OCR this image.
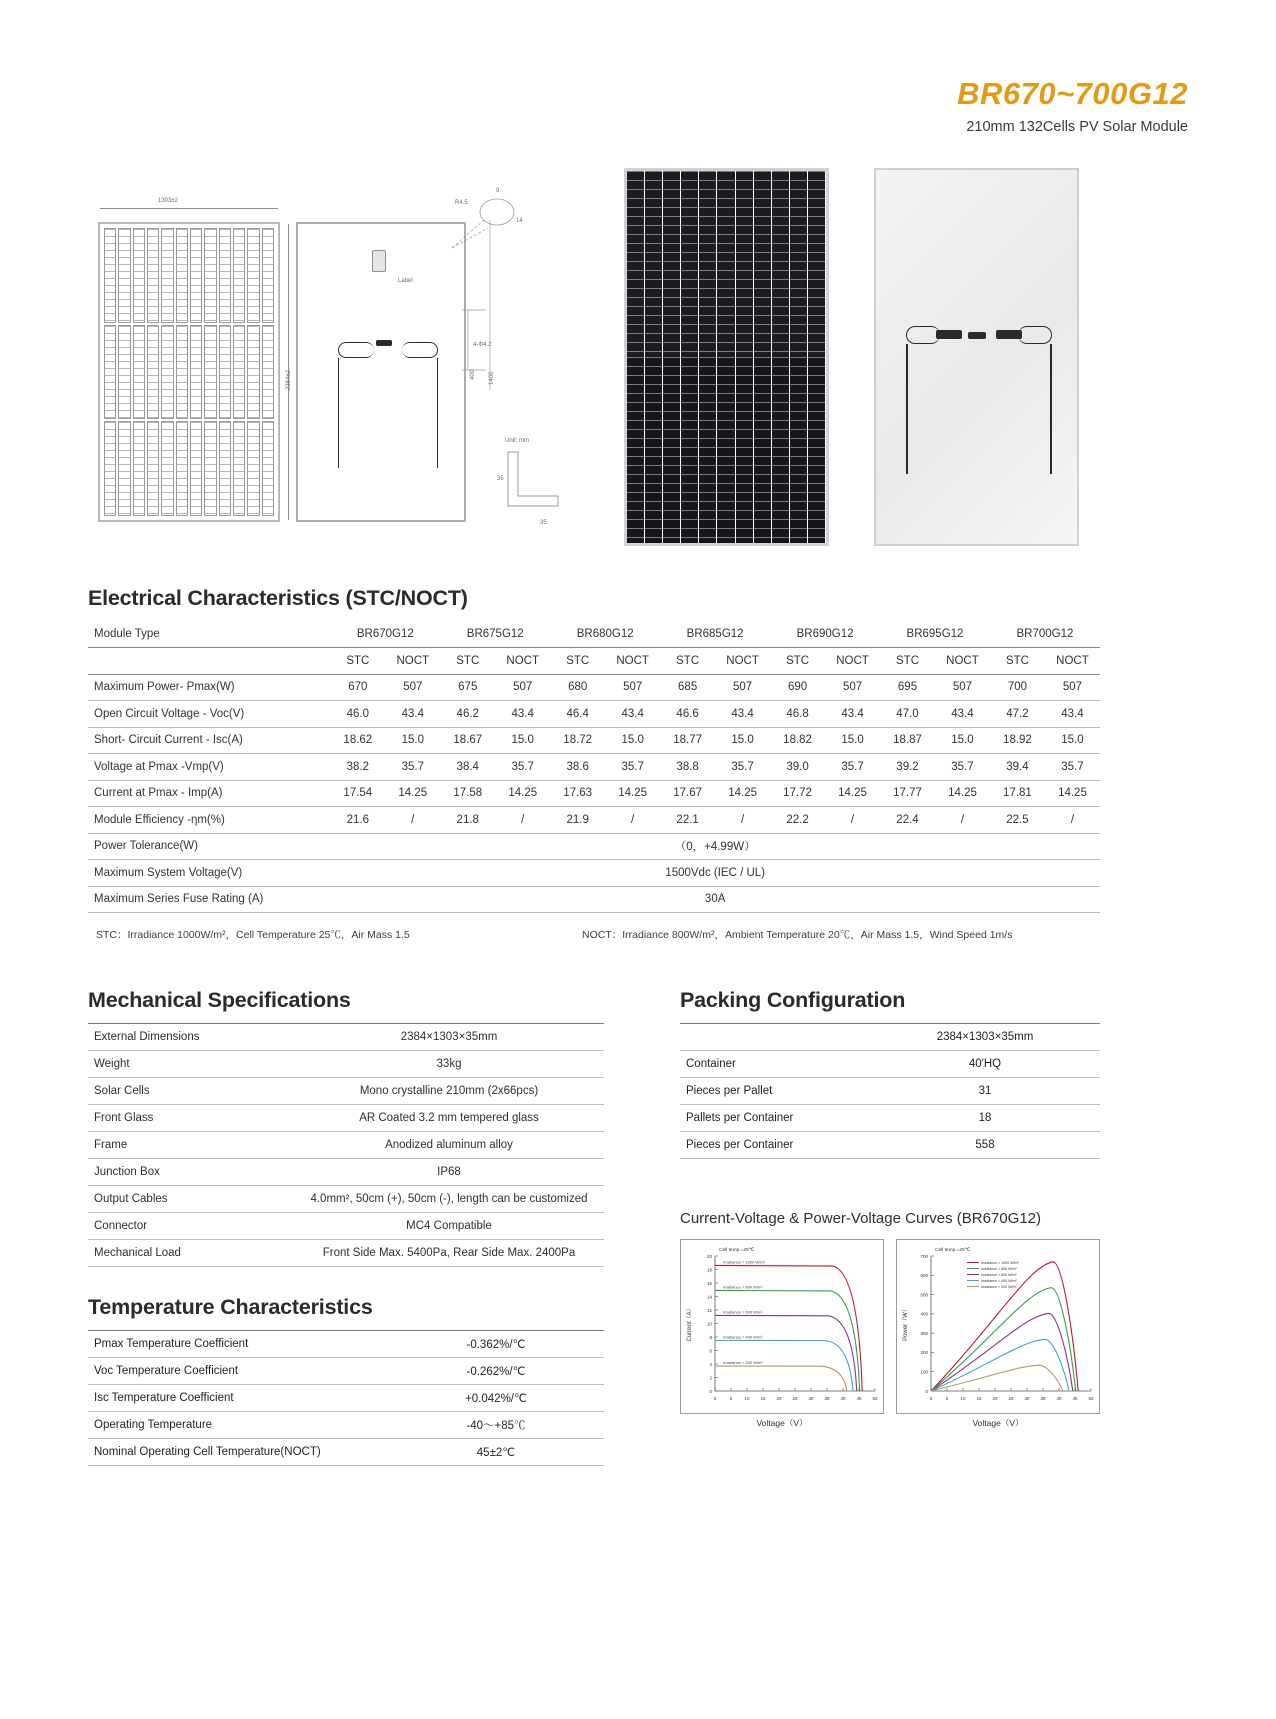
BR670~700G12
210mm 132Cells PV Solar Module
1303±2
2384±2
Label
R4.5
9
14
4-Φ4.2
Unit: mm
35
35
400 1400
Electrical Characteristics (STC/NOCT)
Module Type	BR670G12		BR675G12		BR680G12		BR685G12		BR690G12		BR695G12		BR700G12	
	STC	NOCT	STC	NOCT	STC	NOCT	STC	NOCT	STC	NOCT	STC	NOCT	STC	NOCT
Maximum Power- Pmax(W)	670	507	675	507	680	507	685	507	690	507	695	507	700	507
Open Circuit Voltage - Voc(V)	46.0	43.4	46.2	43.4	46.4	43.4	46.6	43.4	46.8	43.4	47.0	43.4	47.2	43.4
Short- Circuit Current - Isc(A)	18.62	15.0	18.67	15.0	18.72	15.0	18.77	15.0	18.82	15.0	18.87	15.0	18.92	15.0
Voltage at Pmax -Vmp(V)	38.2	35.7	38.4	35.7	38.6	35.7	38.8	35.7	39.0	35.7	39.2	35.7	39.4	35.7
Current at Pmax - Imp(A)	17.54	14.25	17.58	14.25	17.63	14.25	17.67	14.25	17.72	14.25	17.77	14.25	17.81	14.25
Module Efficiency -ηm(%)	21.6	/	21.8	/	21.9	/	22.1	/	22.2	/	22.4	/	22.5	/
Power Tolerance(W)	（0，+4.99W）													
Maximum System Voltage(V)	1500Vdc (IEC / UL)													
Maximum Series Fuse Rating (A)	30A													
STC：Irradiance 1000W/m²，Cell Temperature 25℃，Air Mass 1.5	NOCT：Irradiance 800W/m²，Ambient Temperature 20℃，Air Mass 1.5，Wind Speed 1m/s
Mechanical Specifications
External Dimensions	2384×1303×35mm
Weight	33kg
Solar Cells	Mono crystalline 210mm (2x66pcs)
Front Glass	AR Coated 3.2 mm tempered glass
Frame	Anodized aluminum alloy
Junction Box	IP68
Output Cables	4.0mm², 50cm (+), 50cm (-), length can be customized
Connector	MC4 Compatible
Mechanical Load	Front Side Max. 5400Pa, Rear Side Max. 2400Pa
Temperature Characteristics
Pmax Temperature Coefficient	-0.362%/℃
Voc Temperature Coefficient	-0.262%/℃
Isc Temperature Coefficient	+0.042%/℃
Operating Temperature	-40～+85℃
Nominal Operating Cell Temperature(NOCT)	45±2℃
Packing Configuration
	2384×1303×35mm
Container	40'HQ
Pieces per Pallet	31
Pallets per Container	18
Pieces per Container	558
Current-Voltage & Power-Voltage Curves (BR670G12)
0	5	10 15 20 25 30 35 40 45 50
0
2
4
6
8
10
12
14
16
18
20
Cell temp.=25℃
Current（A）
Irradiance = 1000 W/m²
Irradiance = 800 W/m²
Irradiance = 600 W/m²
Irradiance = 400 W/m²
Irradiance = 200 W/m²
Voltage（V）
0	5	10 15 20 25 30 35 40 45 50
0
100
200
300
400
500
600
700
Cell temp.=25℃
Power（W）
Irradiance = 1000 W/m²
Irradiance = 800 W/m²
Irradiance = 600 W/m²
Irradiance = 400 W/m²
Irradiance = 200 W/m²
Voltage（V）
